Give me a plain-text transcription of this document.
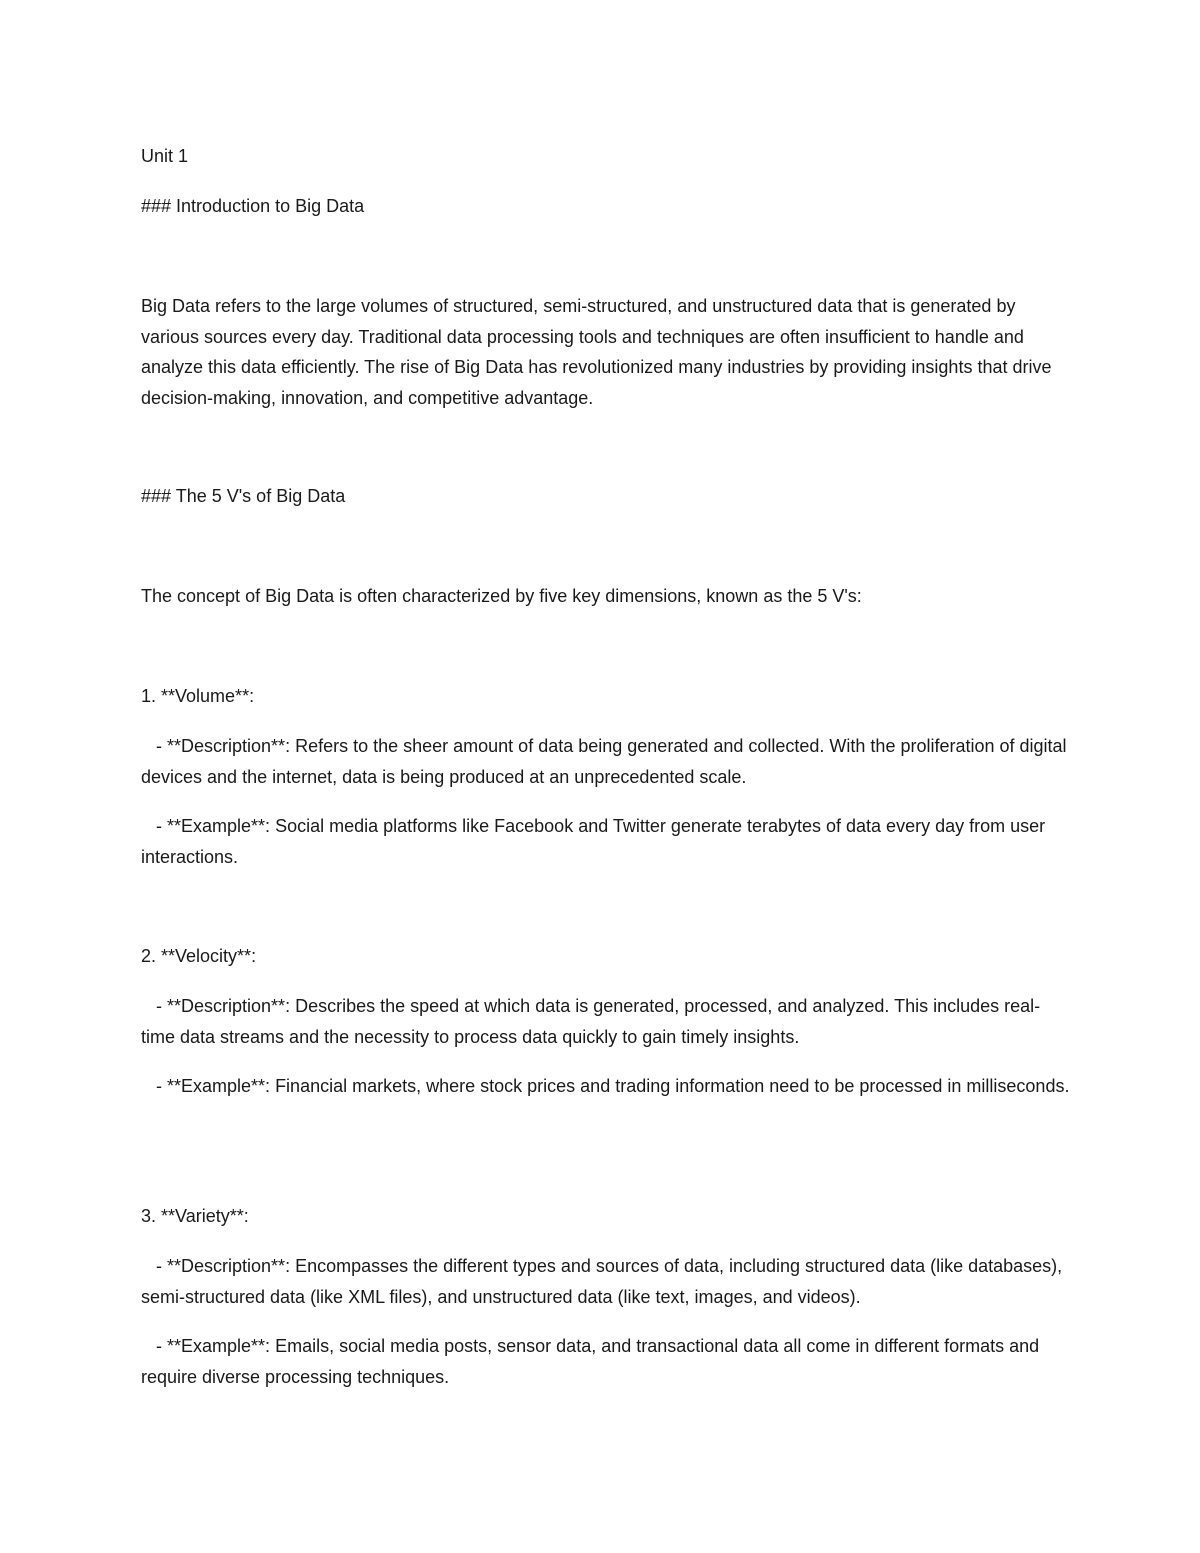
Unit 1

### Introduction to Big Data

Big Data refers to the large volumes of structured, semi-structured, and unstructured data that is generated by various sources every day. Traditional data processing tools and techniques are often insufficient to handle and analyze this data efficiently. The rise of Big Data has revolutionized many industries by providing insights that drive decision-making, innovation, and competitive advantage.

### The 5 V's of Big Data

The concept of Big Data is often characterized by five key dimensions, known as the 5 V's:

1. **Volume**:

- **Description**: Refers to the sheer amount of data being generated and collected. With the proliferation of digital devices and the internet, data is being produced at an unprecedented scale.

- **Example**: Social media platforms like Facebook and Twitter generate terabytes of data every day from user interactions.

2. **Velocity**:

- **Description**: Describes the speed at which data is generated, processed, and analyzed. This includes real-time data streams and the necessity to process data quickly to gain timely insights.

- **Example**: Financial markets, where stock prices and trading information need to be processed in milliseconds.

3. **Variety**:

- **Description**: Encompasses the different types and sources of data, including structured data (like databases), semi-structured data (like XML files), and unstructured data (like text, images, and videos).

- **Example**: Emails, social media posts, sensor data, and transactional data all come in different formats and require diverse processing techniques.
